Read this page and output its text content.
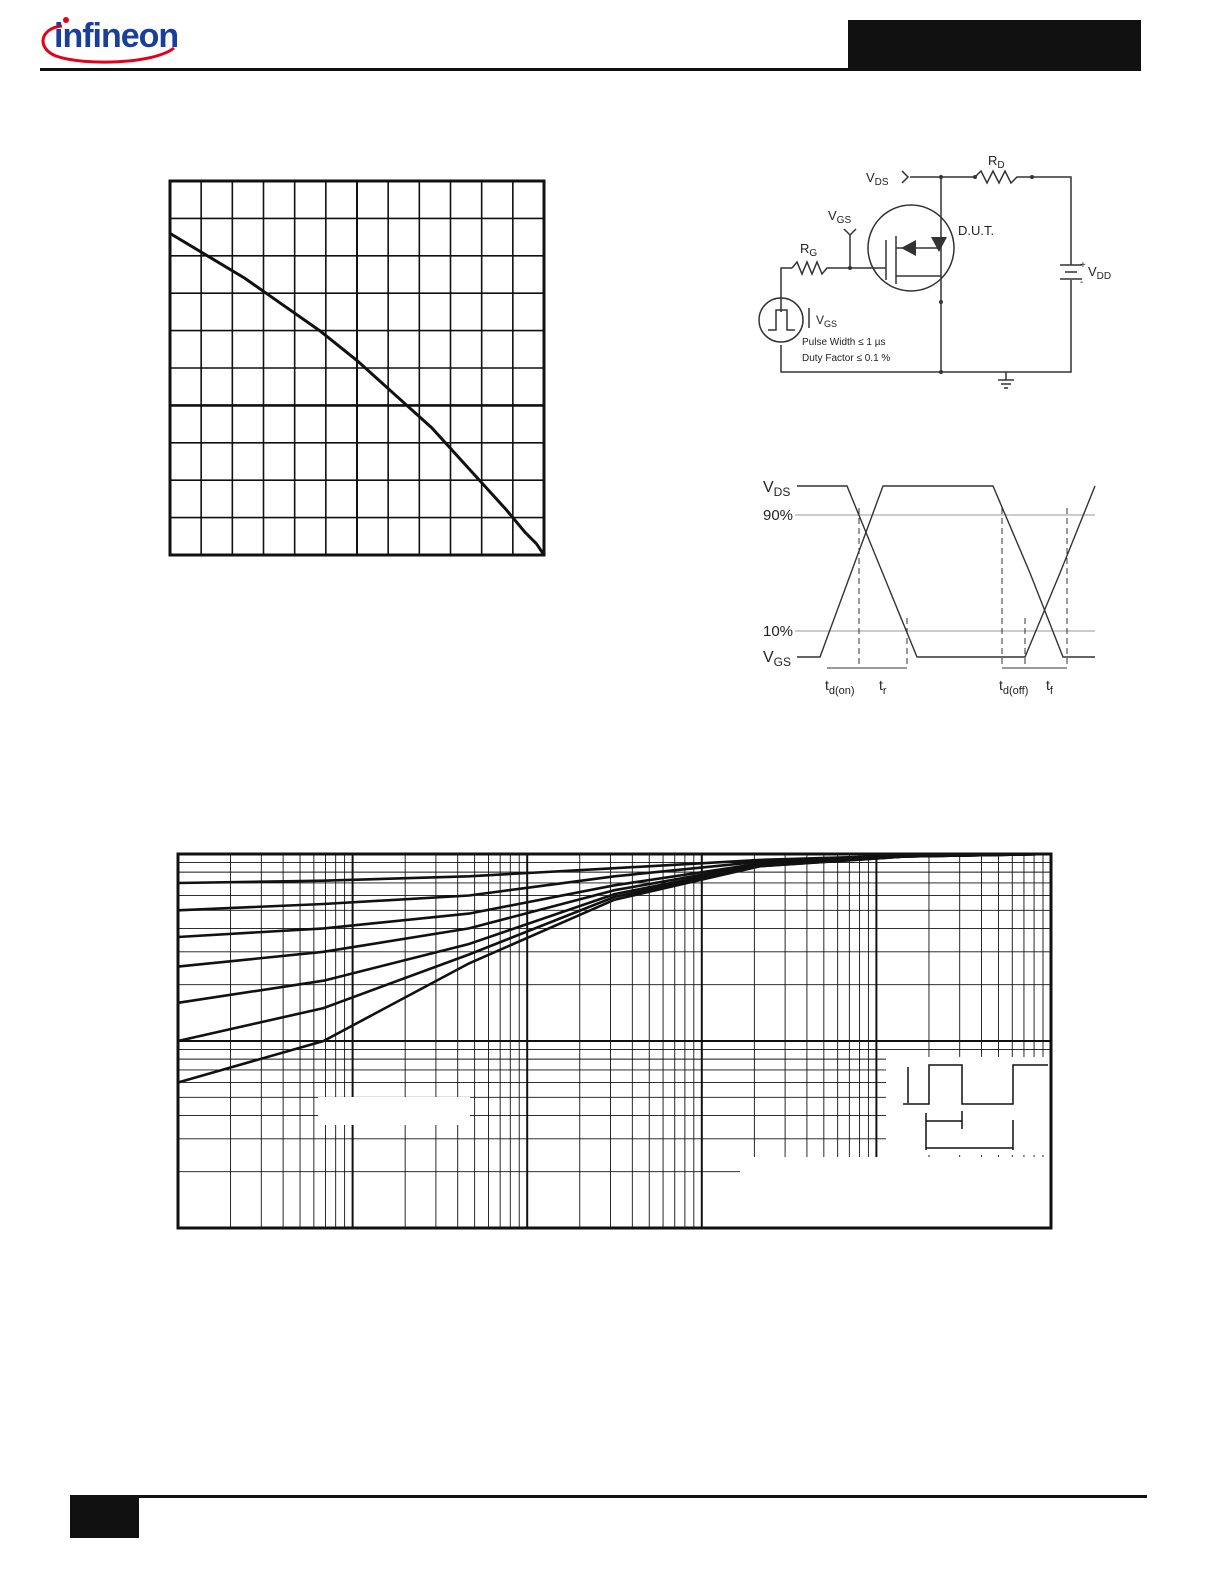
infineon
$V_{DS}$
$R_D$
$V_{GS}$
D.U.T.
$R_G$
$V_{DD}$
+
-
$V_{GS}$
Pulse Width ≤ 1 µs
Duty Factor ≤ 0.1 %
$V_{DS}$
90%
10%
$V_{GS}$
$t_{d(on)}$ $t_r$	$t_{d(off)}$ $t_f$
